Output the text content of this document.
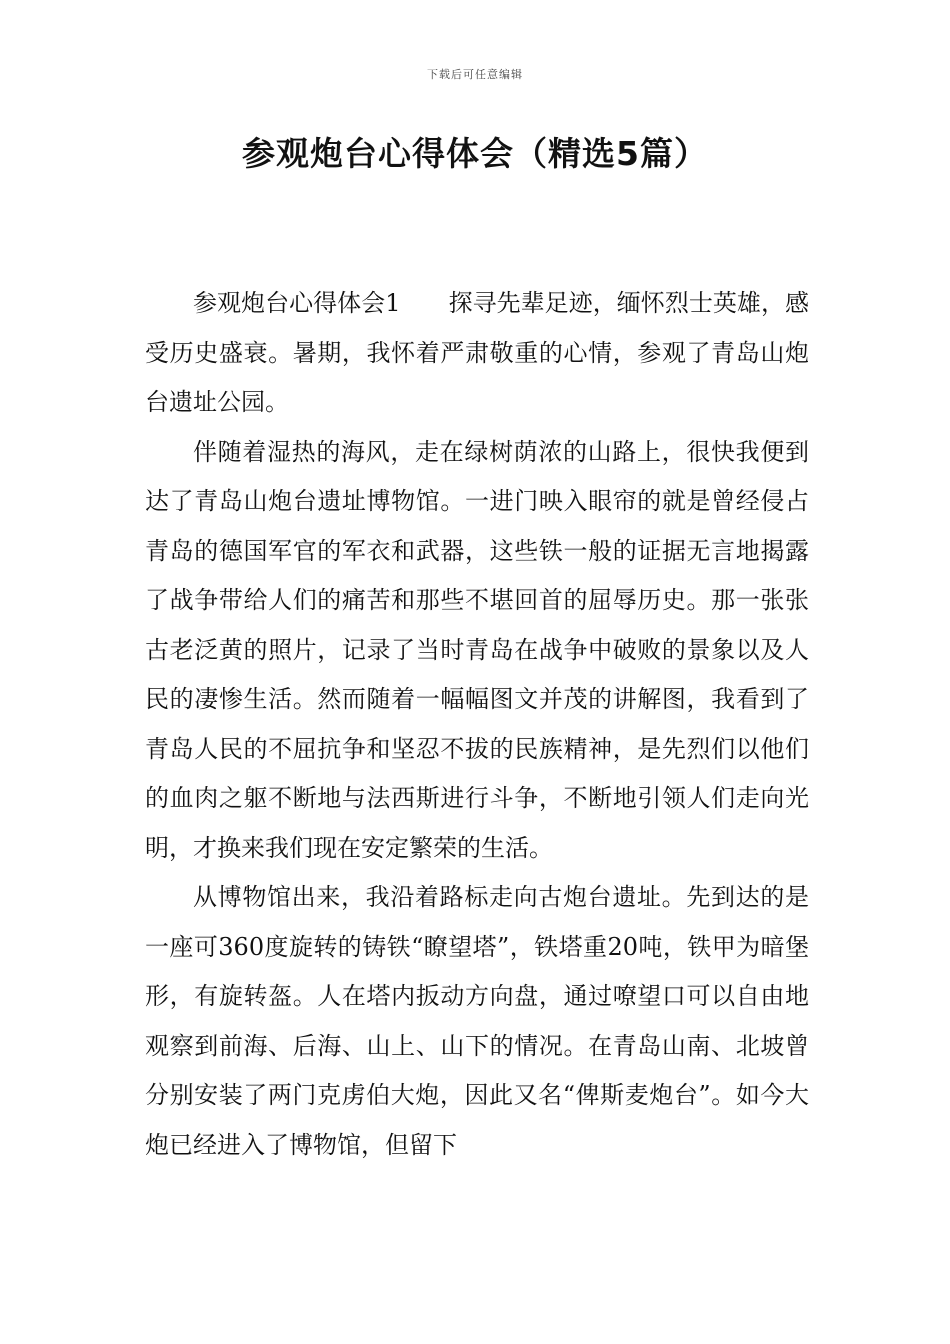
下载后可任意编辑
参观炮台心得体会（精选5篇）

参观炮台心得体会1 探寻先辈足迹，缅怀烈士英雄，感受历史盛衰。暑期，我怀着严肃敬重的心情，参观了青岛山炮台遗址公园。

伴随着湿热的海风，走在绿树荫浓的山路上，很快我便到达了青岛山炮台遗址博物馆。一进门映入眼帘的就是曾经侵占青岛的德国军官的军衣和武器，这些铁一般的证据无言地揭露了战争带给人们的痛苦和那些不堪回首的屈辱历史。那一张张古老泛黄的照片，记录了当时青岛在战争中破败的景象以及人民的凄惨生活。然而随着一幅幅图文并茂的讲解图，我看到了青岛人民的不屈抗争和坚忍不拔的民族精神，是先烈们以他们的血肉之躯不断地与法西斯进行斗争，不断地引领人们走向光明，才换来我们现在安定繁荣的生活。

从博物馆出来，我沿着路标走向古炮台遗址。先到达的是一座可360度旋转的铸铁“瞭望塔”，铁塔重20吨，铁甲为暗堡形，有旋转盔。人在塔内扳动方向盘，通过嘹望口可以自由地观察到前海、后海、山上、山下的情况。在青岛山南、北坡曾分别安装了两门克虏伯大炮，因此又名“俾斯麦炮台”。如今大炮已经进入了博物馆，但留下
